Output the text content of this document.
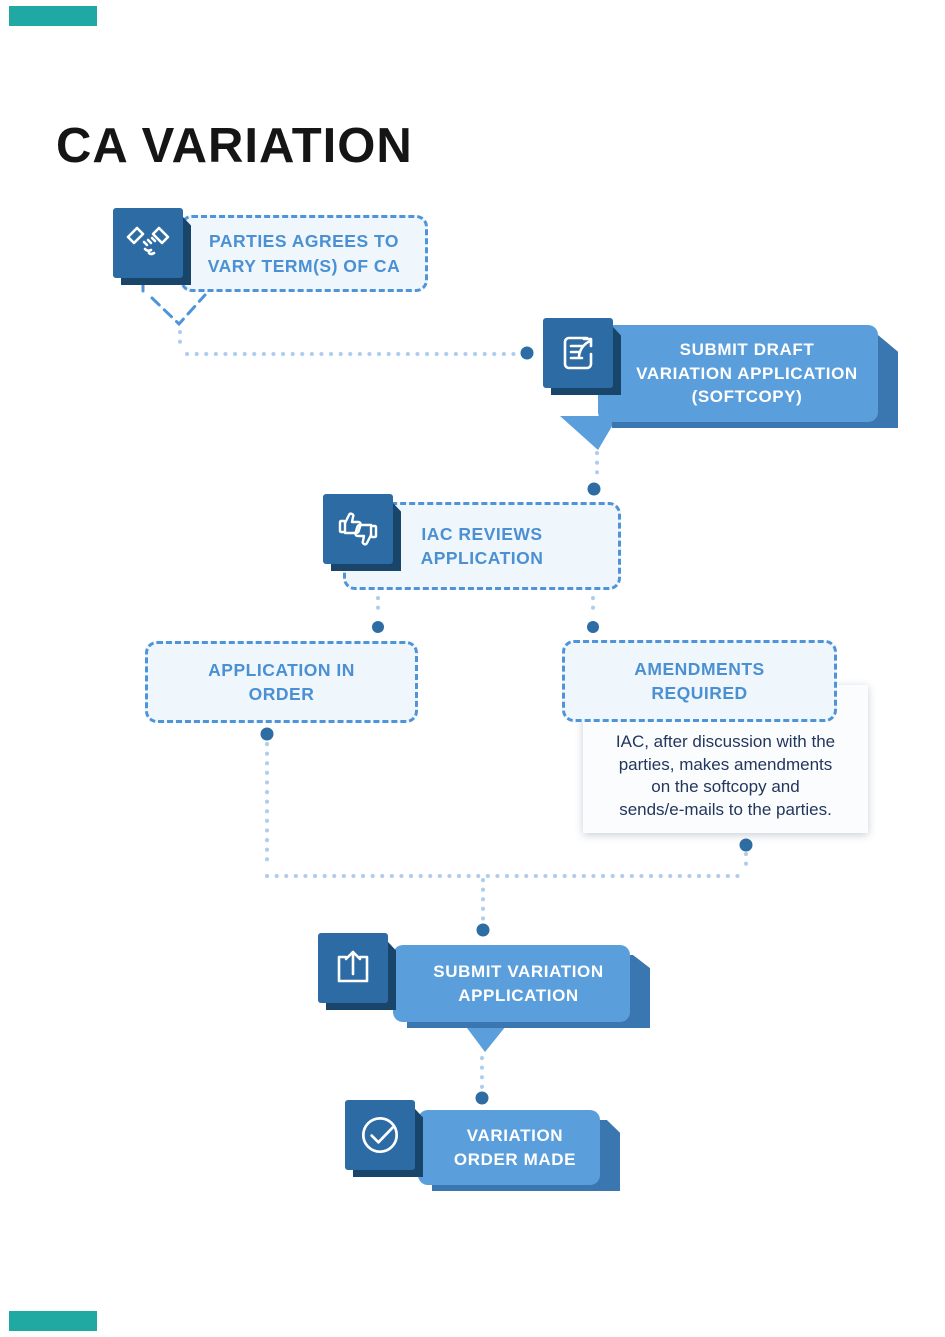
CA VARIATION
PARTIES AGREES TO
VARY TERM(S) OF CA
SUBMIT DRAFT
VARIATION APPLICATION
(SOFTCOPY)
IAC REVIEWS
APPLICATION
APPLICATION IN
ORDER
AMENDMENTS
REQUIRED
IAC, after discussion with the
parties, makes amendments
on the softcopy and
sends/e-mails to the parties.
SUBMIT VARIATION
APPLICATION
VARIATION
ORDER MADE
